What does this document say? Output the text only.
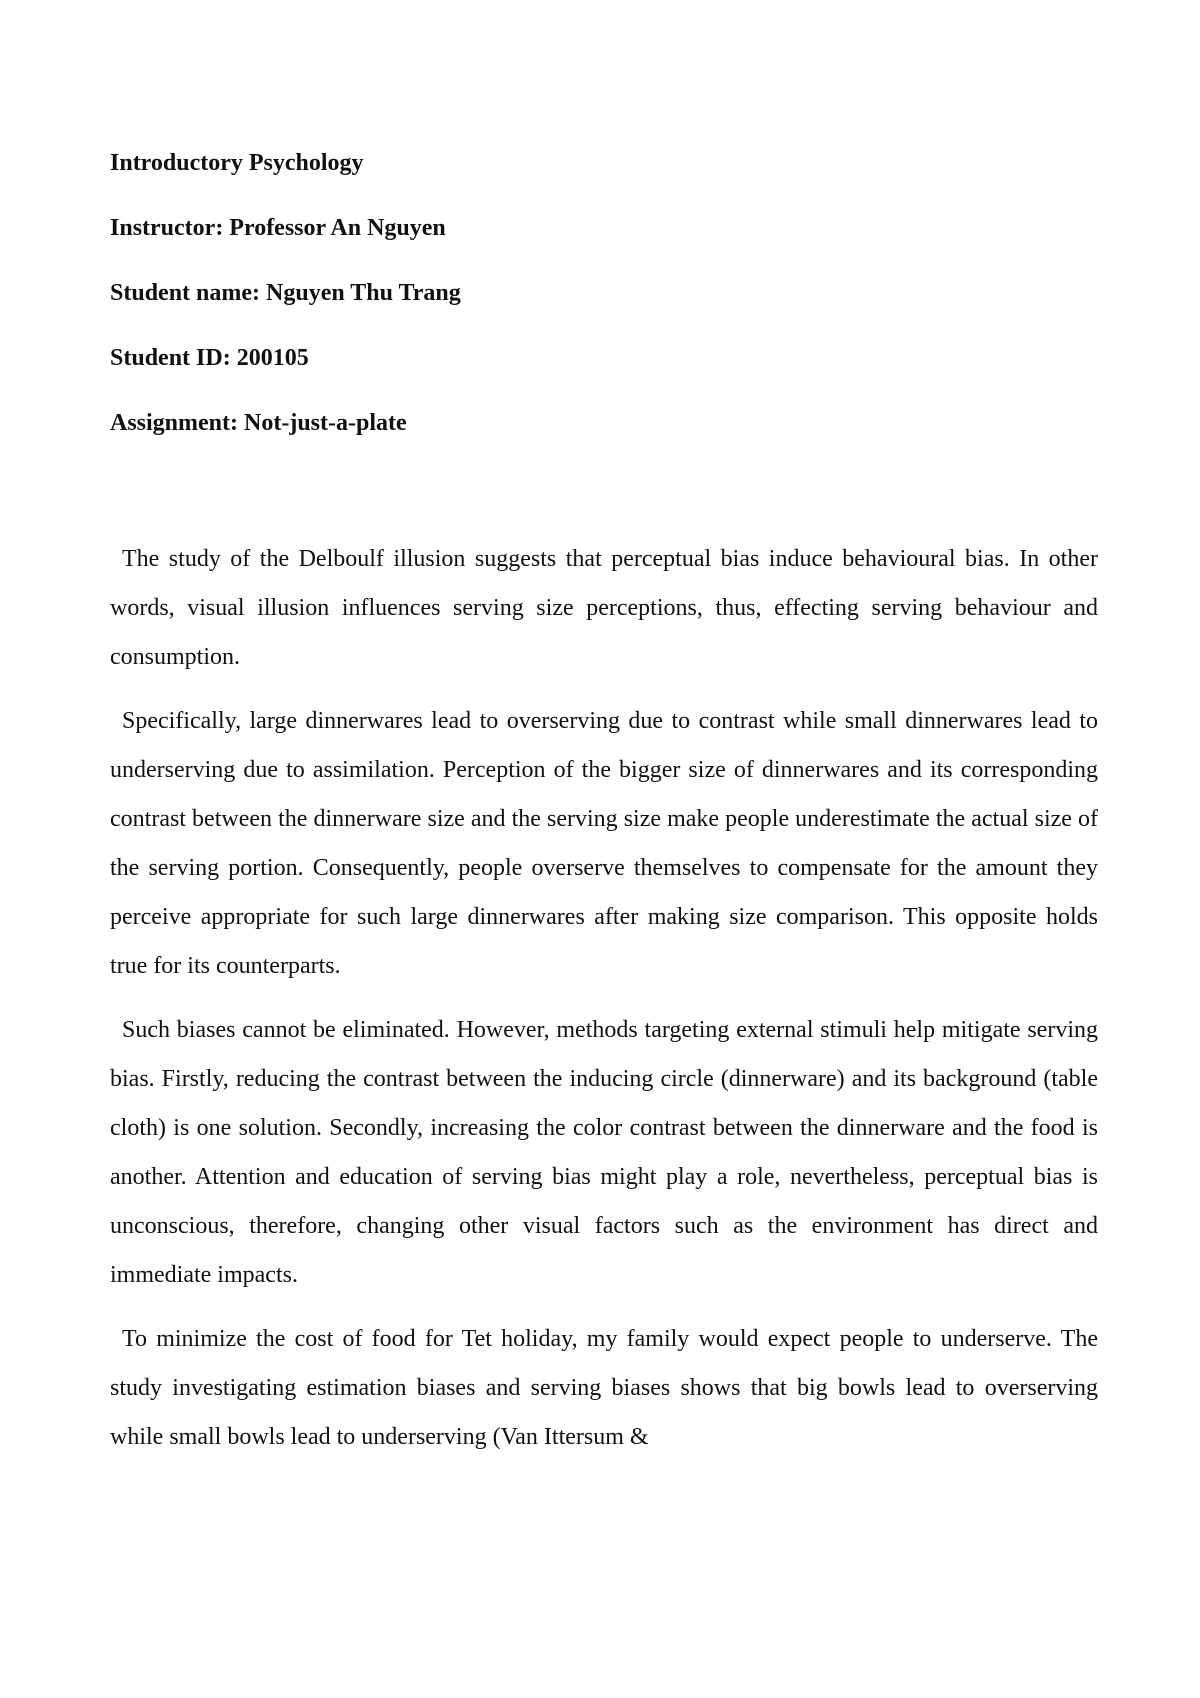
Introductory Psychology
Instructor: Professor An Nguyen
Student name: Nguyen Thu Trang
Student ID: 200105
Assignment: Not-just-a-plate

The study of the Delboulf illusion suggests that perceptual bias induce behavioural bias. In other words, visual illusion influences serving size perceptions, thus, effecting serving behaviour and consumption.

Specifically, large dinnerwares lead to overserving due to contrast while small dinnerwares lead to underserving due to assimilation. Perception of the bigger size of dinnerwares and its corresponding contrast between the dinnerware size and the serving size make people underestimate the actual size of the serving portion. Consequently, people overserve themselves to compensate for the amount they perceive appropriate for such large dinnerwares after making size comparison. This opposite holds true for its counterparts.

Such biases cannot be eliminated. However, methods targeting external stimuli help mitigate serving bias. Firstly, reducing the contrast between the inducing circle (dinnerware) and its background (table cloth) is one solution. Secondly, increasing the color contrast between the dinnerware and the food is another. Attention and education of serving bias might play a role, nevertheless, perceptual bias is unconscious, therefore, changing other visual factors such as the environment has direct and immediate impacts.

To minimize the cost of food for Tet holiday, my family would expect people to underserve. The study investigating estimation biases and serving biases shows that big bowls lead to overserving while small bowls lead to underserving (Van Ittersum &
